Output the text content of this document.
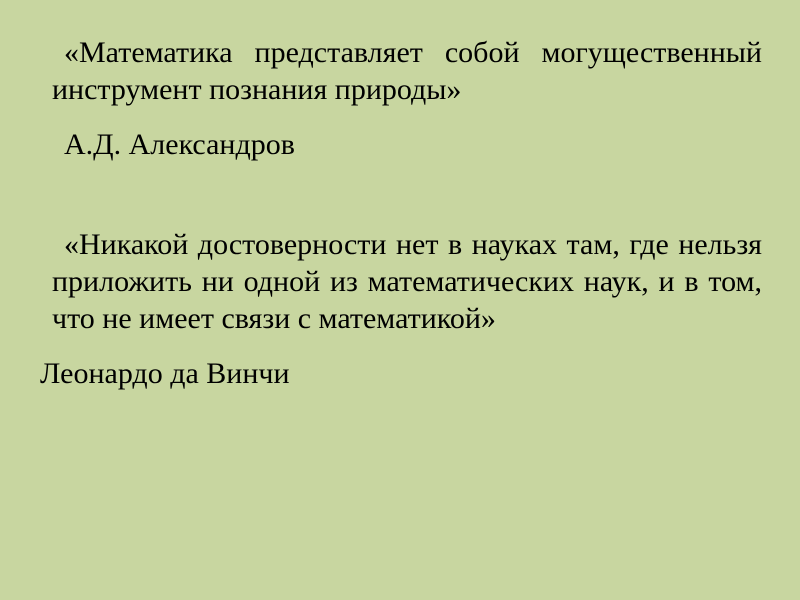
«Математика представляет собой могущественный инструмент познания природы»

А.Д. Александров

«Никакой достоверности нет в науках там, где нельзя приложить ни одной из математических наук, и в том, что не имеет связи с математикой»

Леонардо да Винчи
